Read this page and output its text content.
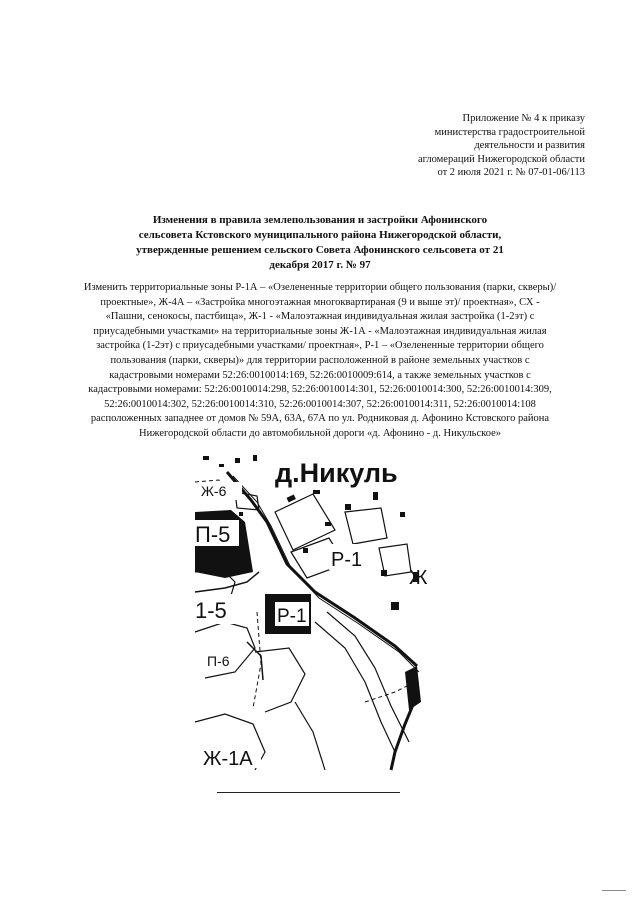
Приложение № 4 к приказу
министерства градостроительной
деятельности и развития
агломераций Нижегородской области
от 2 июля 2021 г. № 07-01-06/113
Изменения в правила землепользования и застройки Афонинского
сельсовета Кстовского муниципального района Нижегородской области,
утвержденные решением сельского Совета Афонинского сельсовета от 21
декабря 2017 г. № 97
Изменить территориальные зоны Р-1А – «Озелененные территории общего пользования (парки, скверы)/
проектные», Ж-4А – «Застройка многоэтажная многоквартираная (9 и выше эт)/ проектная», СХ -
«Пашни, сенокосы, пастбища», Ж-1 - «Малоэтажная индивидуальная жилая застройка (1-2эт) с
приусадебными участками» на территориальные зоны Ж-1А - «Малоэтажная индивидуальная жилая
застройка (1-2эт) с приусадебными участками/ проектная», Р-1 – «Озелененные территории общего
пользования (парки, скверы)» для территории расположенной в районе земельных участков с
кадастровыми номерами 52:26:0010014:169, 52:26:0010009:614, а также земельных участков с
кадастровыми номерами: 52:26:0010014:298, 52:26:0010014:301, 52:26:0010014:300, 52:26:0010014:309,
52:26:0010014:302, 52:26:0010014:310, 52:26:0010014:307, 52:26:0010014:311, 52:26:0010014:108
расположенных западнее от домов № 59А, 63А, 67А по ул. Родниковая д. Афонино Кстовского района
Нижегородской области до автомобильной дороги «д. Афонино - д. Никульское»
д.Никуль
Ж-6
П-5
1-5
П-6
Р-1
Р-1
Ж
Ж-1А
